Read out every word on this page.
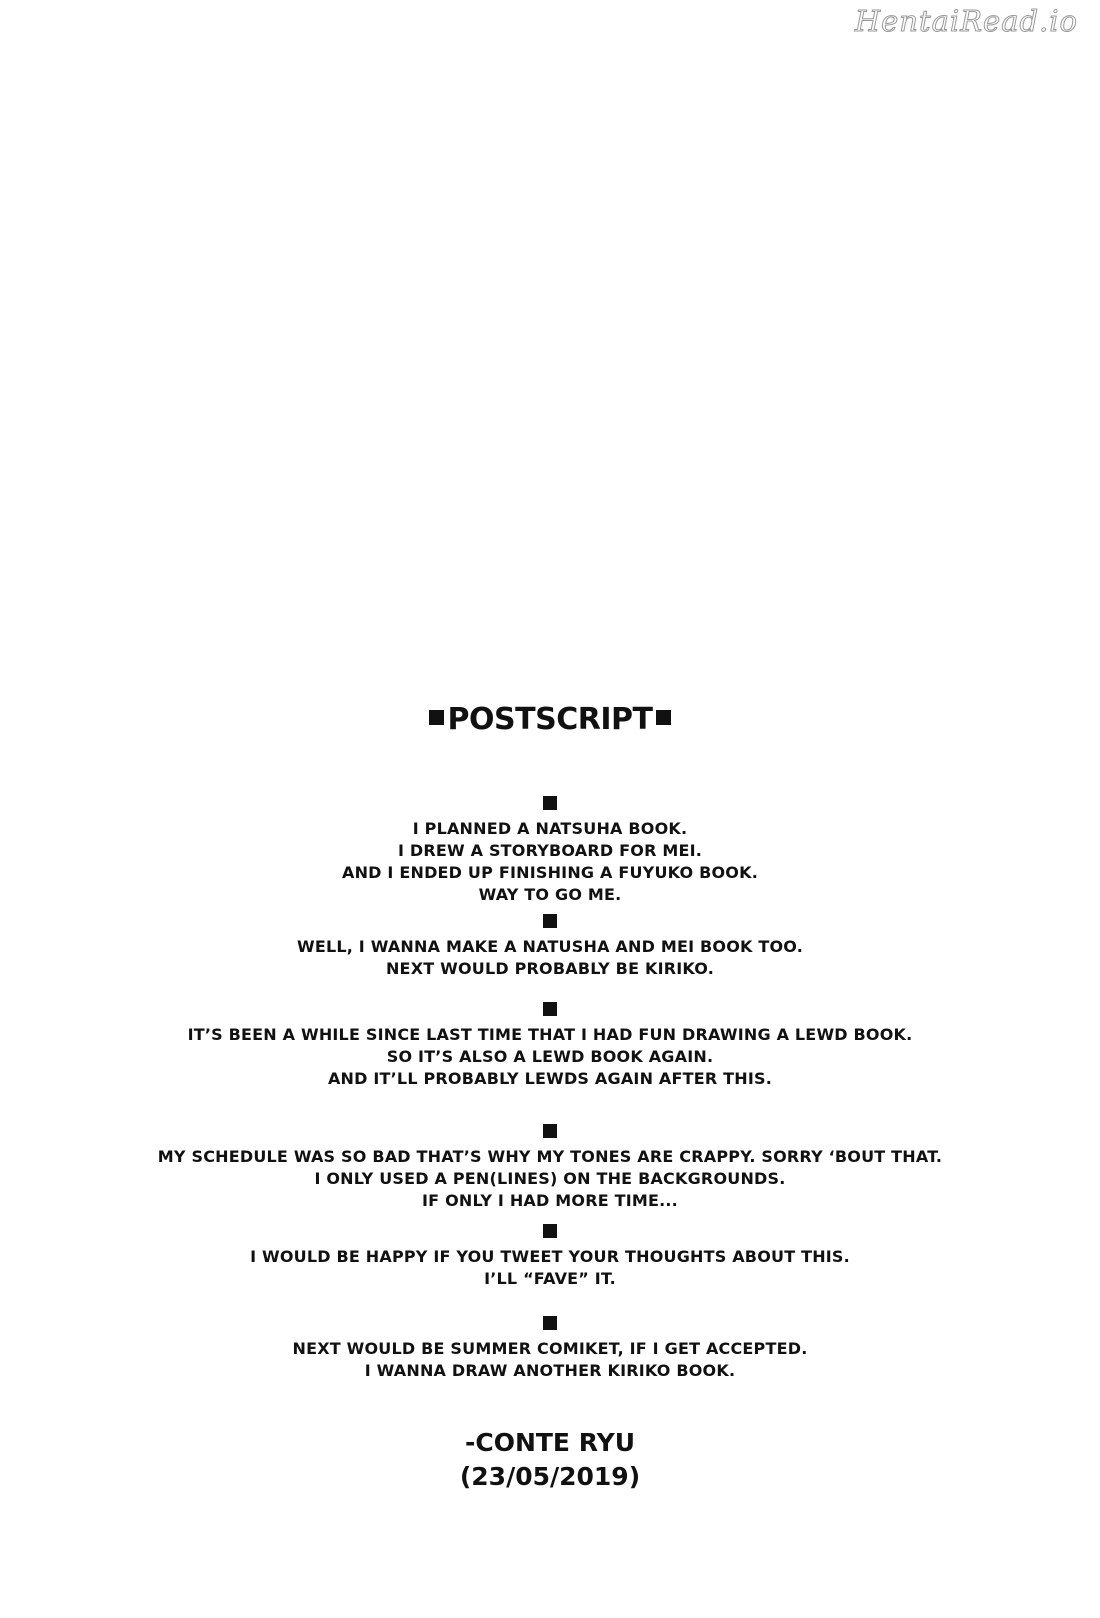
HentaiRead.io
POSTSCRIPT
I PLANNED A NATSUHA BOOK.
I DREW A STORYBOARD FOR MEI.
AND I ENDED UP FINISHING A FUYUKO BOOK.
WAY TO GO ME.
WELL, I WANNA MAKE A NATUSHA AND MEI BOOK TOO.
NEXT WOULD PROBABLY BE KIRIKO.
IT’S BEEN A WHILE SINCE LAST TIME THAT I HAD FUN DRAWING A LEWD BOOK.
SO IT’S ALSO A LEWD BOOK AGAIN.
AND IT’LL PROBABLY LEWDS AGAIN AFTER THIS.
MY SCHEDULE WAS SO BAD THAT’S WHY MY TONES ARE CRAPPY. SORRY ‘BOUT THAT.
I ONLY USED A PEN(LINES) ON THE BACKGROUNDS.
IF ONLY I HAD MORE TIME...
I WOULD BE HAPPY IF YOU TWEET YOUR THOUGHTS ABOUT THIS.
I’LL “FAVE” IT.
NEXT WOULD BE SUMMER COMIKET, IF I GET ACCEPTED.
I WANNA DRAW ANOTHER KIRIKO BOOK.
-CONTE RYU
(23/05/2019)
